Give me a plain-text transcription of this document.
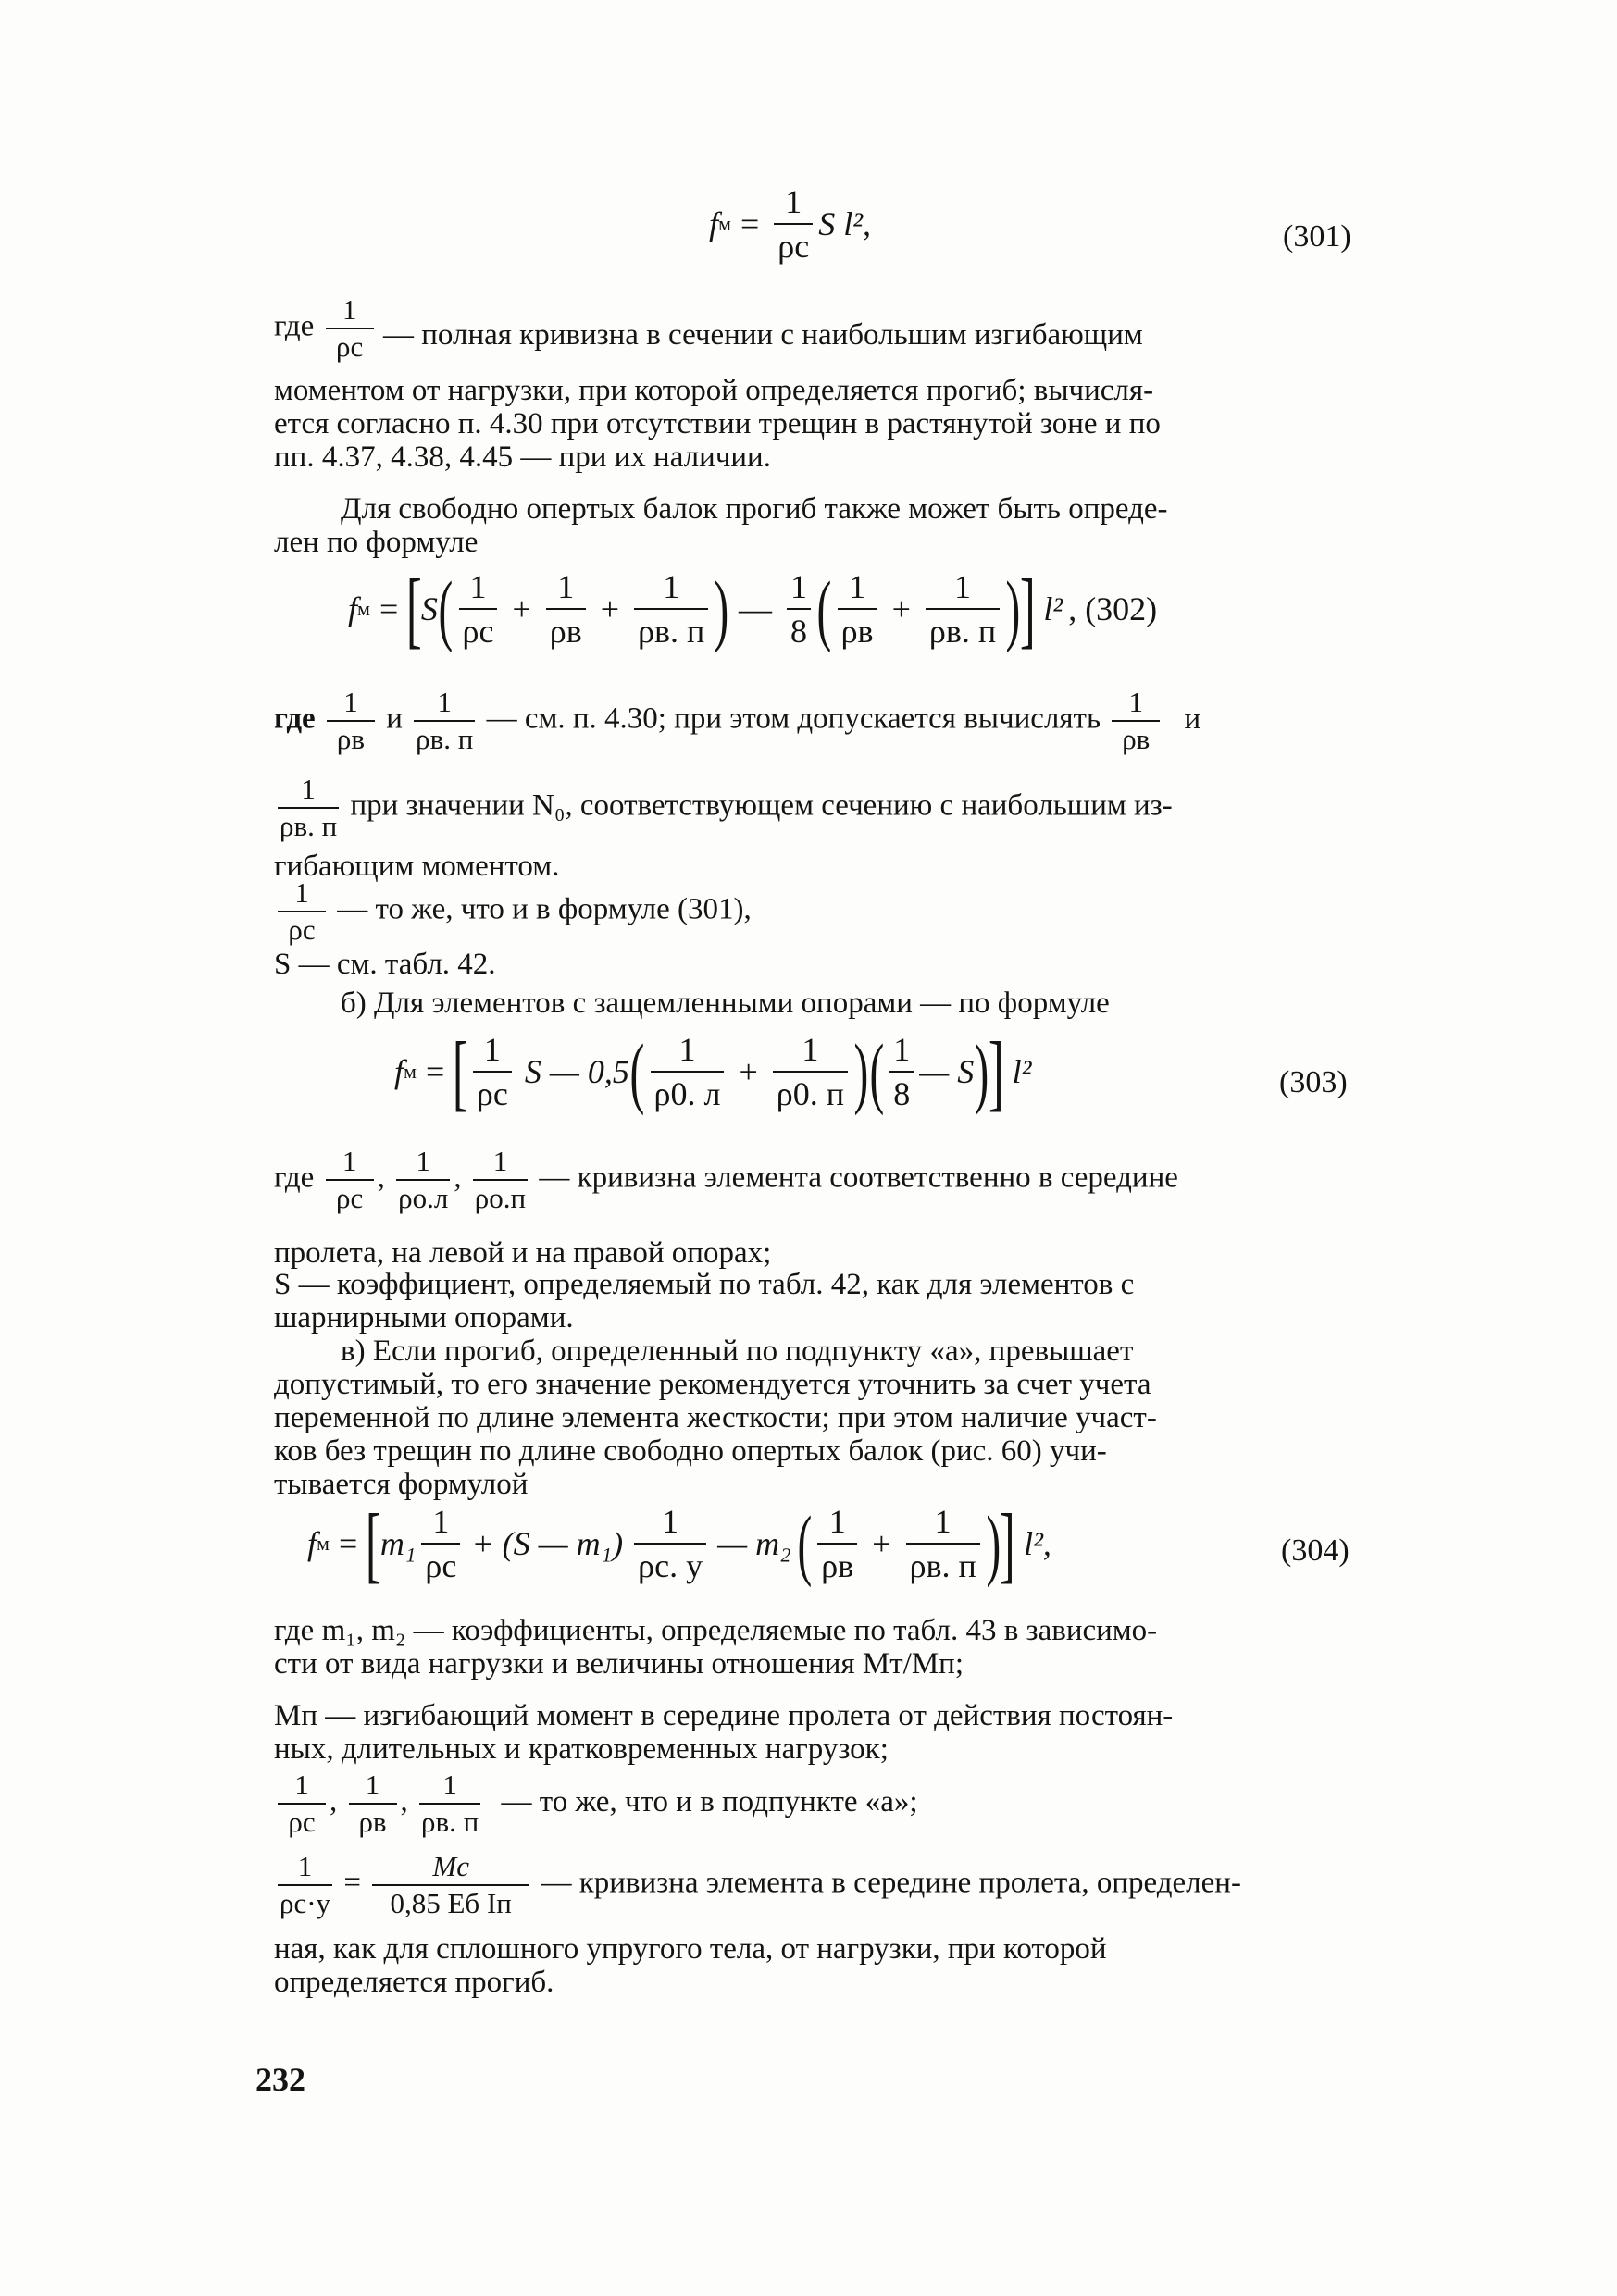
f $м = \frac{1}{\rho c}$ S l²,	(301)
где $\frac{1}{\rho c}$ — полная кривизна в сечении с наибольшим изгибающим
моментом от нагрузки, при которой определяется прогиб; вычисля-
ется согласно п. 4.30 при отсутствии трещин в растянутой зоне и по
пп. 4.37, 4.38, 4.45 — при их наличии.
Для свободно опертых балок прогиб также может быть опреде-
лен по формуле
f м = [
S ( $\frac{1}{\rho c} + \frac{1}{\rho в} + \frac{1}{\rho в. п}$ ) — $\frac{1}{8}$ ( $\frac{1}{\rho в} + \frac{1}{\rho в. п}$ ) ] l² , (302)
где $\frac{1}{\rho в}$ и $\frac{1}{\rho в. п}$ — см. п. 4.30; при этом допускается вычислять $\frac{1}{\rho в}$ и
$\frac{1}{\rho в. п}$ при значении N₀, соответствующем сечению с наибольшим из-
гибающим моментом.
$\frac{1}{\rho c}$ — то же, что и в формуле (301),
S — см. табл. 42.
б) Для элементов с защемленными опорами — по формуле
f м = [ $\frac{1}{\rho c}$ S — 0,5 ( $\frac{1}{\rho 0. л} + \frac{1}{\rho 0. п}$ ) ( $\frac{1}{8}$ — S ) ] l²	(303)
где $\frac{1}{\rho c}$ , $\frac{1}{\rho о.л}$ , $\frac{1}{\rho о.п}$ — кривизна элемента соответственно в середине
пролета, на левой и на правой опорах;
S — коэффициент, определяемый по табл. 42, как для элементов с
шарнирными опорами.
в) Если прогиб, определенный по подпункту «а», превышает
допустимый, то его значение рекомендуется уточнить за счет учета
переменной по длине элемента жесткости; при этом наличие участ-
ков без трещин по длине свободно опертых балок (рис. 60) учи-
тывается формулой
f м = [
$m_1 \frac{1}{\rho c} + (S$ — $m_1) \frac{1}{\rho c. у}$ — m₂ ( $\frac{1}{\rho в} + \frac{1}{\rho в. п}$ ) ] l²,	(304)
где m₁, m₂ — коэффициенты, определяемые по табл. 43 в зависимо-
сти от вида нагрузки и величины отношения Mт/Mп;
Mп — изгибающий момент в середине пролета от действия постоян-
ных, длительных и кратковременных нагрузок;
$\frac{1}{\rho c}$ , $\frac{1}{\rho в}$ , $\frac{1}{\rho в. п}$ — то же, что и в подпункте «а»;
$\frac{1}{\rho c\cdot у} = \frac{Mc}{\text{0,85 Eб Iп}}$ — кривизна элемента в середине пролета, определен-
ная, как для сплошного упругого тела, от нагрузки, при которой
определяется прогиб.
232
